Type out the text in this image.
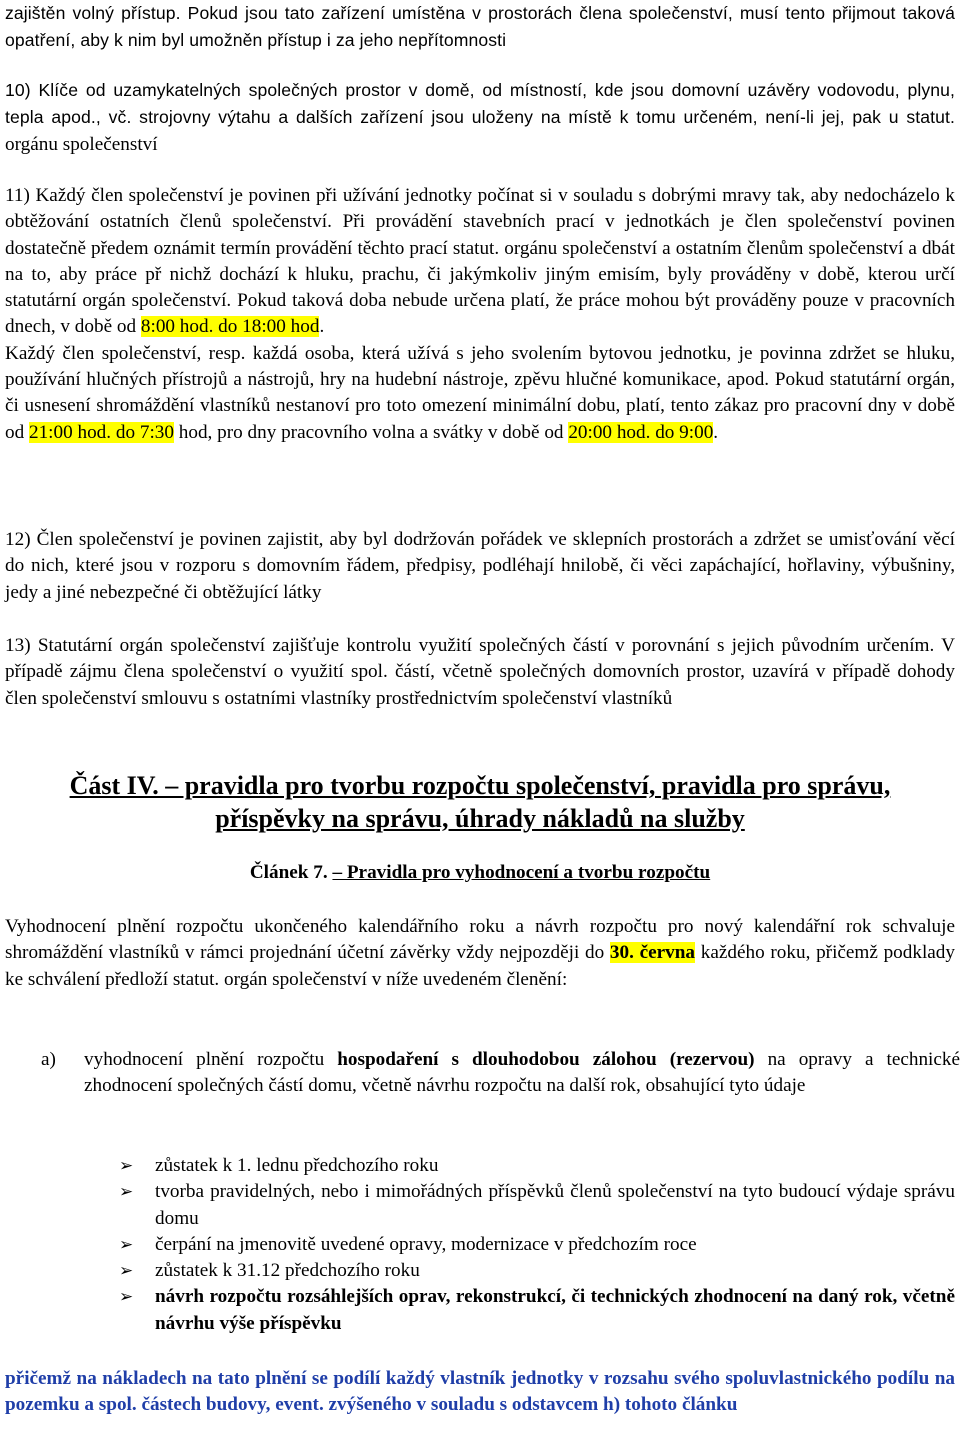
zajištěn volný přístup. Pokud jsou tato zařízení umístěna v prostorách člena společenství, musí tento přijmout taková opatření, aby k nim byl umožněn přístup i za jeho nepřítomnosti

10) Klíče od uzamykatelných společných prostor v domě, od místností, kde jsou domovní uzávěry vodovodu, plynu, tepla apod., vč. strojovny výtahu a dalších zařízení jsou uloženy na místě k tomu určeném, není-li jej, pak u statut. orgánu společenství

11) Každý člen společenství je povinen při užívání jednotky počínat si v souladu s dobrými mravy tak, aby nedocházelo k obtěžování ostatních členů společenství. Při provádění stavebních prací v jednotkách je člen společenství povinen dostatečně předem oznámit termín provádění těchto prací statut. orgánu společenství a ostatním členům společenství a dbát na to, aby práce př nichž dochází k hluku, prachu, či jakýmkoliv jiným emisím, byly prováděny v době, kterou určí statutární orgán společenství. Pokud taková doba nebude určena platí, že práce mohou být prováděny pouze v pracovních dnech, v době od 8:00 hod. do 18:00 hod.
Každý člen společenství, resp. každá osoba, která užívá s jeho svolením bytovou jednotku, je povinna zdržet se hluku, používání hlučných přístrojů a nástrojů, hry na hudební nástroje, zpěvu hlučné komunikace, apod. Pokud statutární orgán, či usnesení shromáždění vlastníků nestanoví pro toto omezení minimální dobu, platí, tento zákaz pro pracovní dny v době od 21:00 hod. do 7:30 hod, pro dny pracovního volna a svátky v době od 20:00 hod. do 9:00.

12) Člen společenství je povinen zajistit, aby byl dodržován pořádek ve sklepních prostorách a zdržet se umisťování věcí do nich, které jsou v rozporu s domovním řádem, předpisy, podléhají hnilobě, či věci zapáchající, hořlaviny, výbušniny, jedy a jiné nebezpečné či obtěžující látky

13) Statutární orgán společenství zajišťuje kontrolu využití společných částí v porovnání s jejich původním určením. V případě zájmu člena společenství o využití spol. částí, včetně společných domovních prostor, uzavírá v případě dohody člen společenství smlouvu s ostatními vlastníky prostřednictvím společenství vlastníků

Část IV. – pravidla pro tvorbu rozpočtu společenství, pravidla pro správu,
příspěvky na správu, úhrady nákladů na služby
Článek 7. – Pravidla pro vyhodnocení a tvorbu rozpočtu

Vyhodnocení plnění rozpočtu ukončeného kalendářního roku a návrh rozpočtu pro nový kalendářní rok schvaluje shromáždění vlastníků v rámci projednání účetní závěrky vždy nejpozději do 30. června každého roku, přičemž podklady ke schválení předloží statut. orgán společenství v níže uvedeném členění:

a) vyhodnocení plnění rozpočtu hospodaření s dlouhodobou zálohou (rezervou) na opravy a technické zhodnocení společných částí domu, včetně návrhu rozpočtu na další rok, obsahující tyto údaje
➢ zůstatek k 1. lednu předchozího roku
➢ tvorba pravidelných, nebo i mimořádných příspěvků členů společenství na tyto budoucí výdaje správu domu
➢ čerpání na jmenovitě uvedené opravy, modernizace v předchozím roce
➢ zůstatek k 31.12 předchozího roku
➢ návrh rozpočtu rozsáhlejších oprav, rekonstrukcí, či technických zhodnocení na daný rok, včetně návrhu výše příspěvku

přičemž na nákladech na tato plnění se podílí každý vlastník jednotky v rozsahu svého spoluvlastnického podílu na pozemku a spol. částech budovy, event. zvýšeného v souladu s odstavcem h) tohoto článku
